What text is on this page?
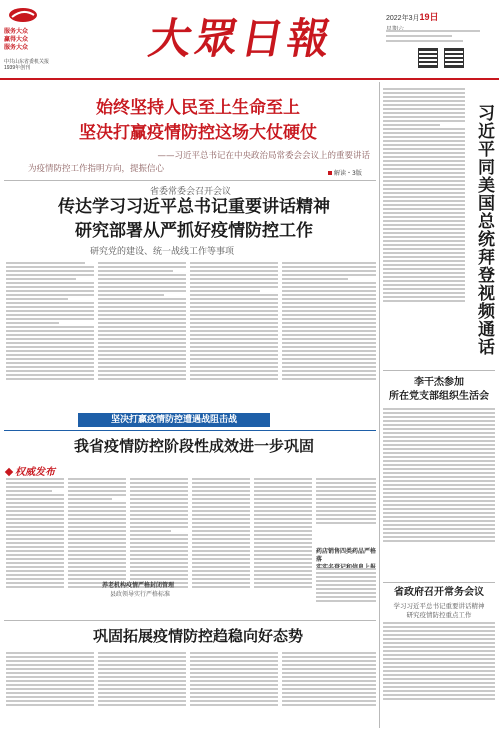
服务大众
赢得大众
服务大众
中共山东省委机关报
1939年创刊
大眾日報	2022年3月19日
始终坚持人民至上生命至上
坚决打赢疫情防控这场大仗硬仗
——习近平总书记在中央政治局常委会会议上的重要讲话
为疫情防控工作指明方向，提振信心	解读・3版
省委常委会召开会议
传达学习习近平总书记重要讲话精神
研究部署从严抓好疫情防控工作
研究党的建设、统一战线工作等事项
坚决打赢疫情防控遭遇战阻击战
我省疫情防控阶段性成效进一步巩固
权威发布
药店销售四类药品严格落
养老机构疫情严格封闭管理
县政领导实行严格标准
巩固拓展疫情防控趋稳向好态势
习近平同美国总统拜登视频通话
李干杰参加
所在党支部组织生活会
省政府召开常务会议
学习习近平总书记重要讲话精神
研究疫情防控重点工作
